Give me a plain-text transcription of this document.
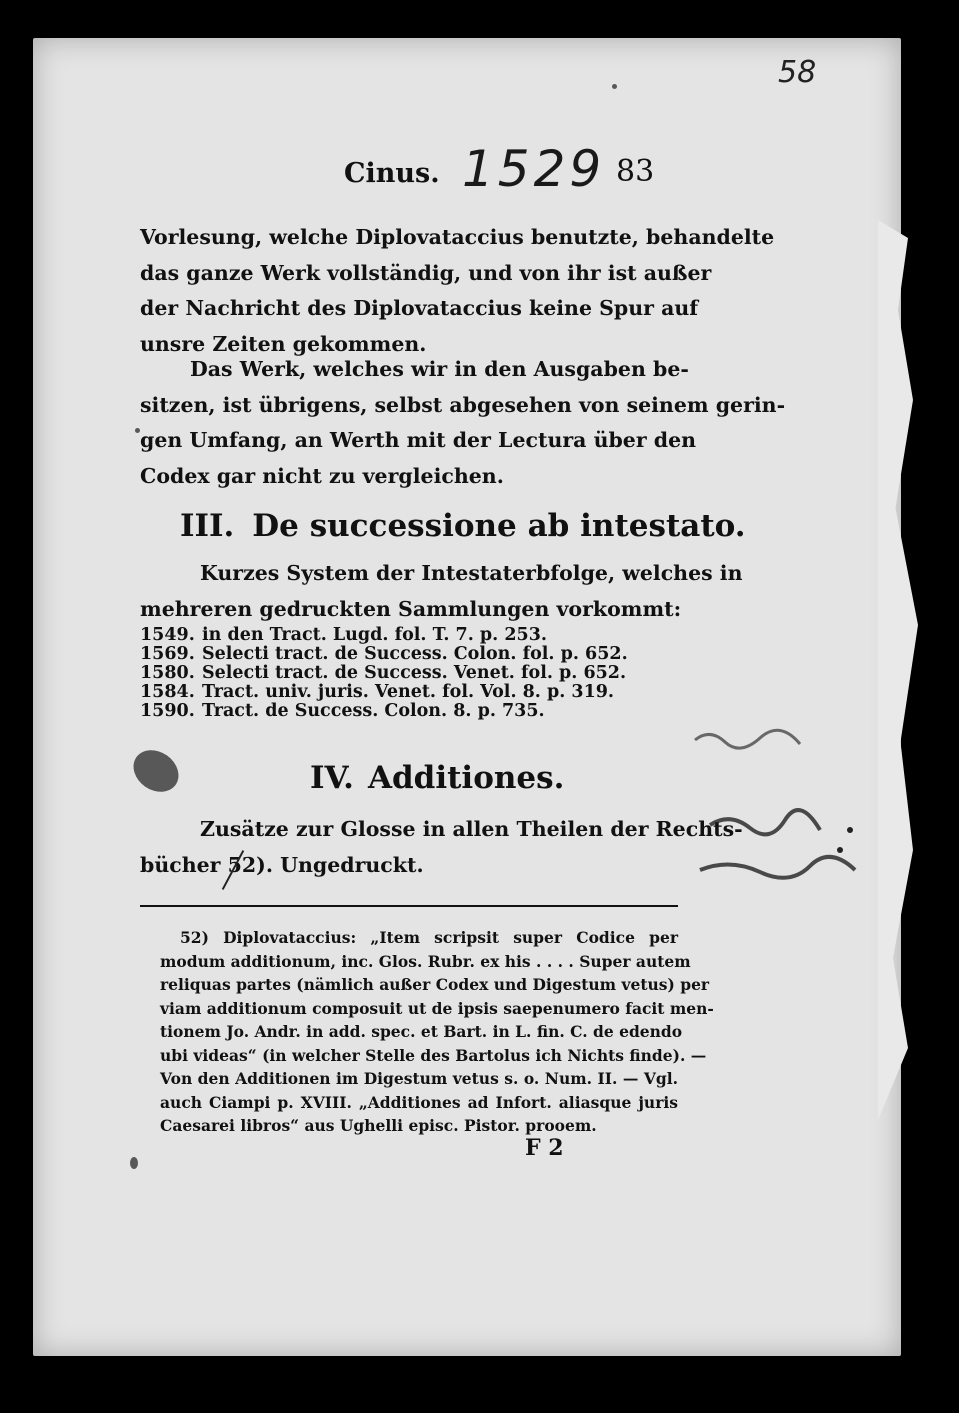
58
Cinus. 1529 83

Vorlesung, welche Diplovataccius benutzte, behandelte
das ganze Werk vollständig, und von ihr ist außer
der Nachricht des Diplovataccius keine Spur auf
unsre Zeiten gekommen.

Das Werk, welches wir in den Ausgaben be-
sitzen, ist übrigens, selbst abgesehen von seinem gerin-
gen Umfang, an Werth mit der Lectura über den
Codex gar nicht zu vergleichen.

III. De successione ab intestato.

Kurzes System der Intestaterbfolge, welches in
mehreren gedruckten Sammlungen vorkommt:

1549. in den Tract. Lugd. fol. T. 7. p. 253.
1569. Selecti tract. de Success. Colon. fol. p. 652.
1580. Selecti tract. de Success. Venet. fol. p. 652.
1584. Tract. univ. juris. Venet. fol. Vol. 8. p. 319.
1590. Tract. de Success. Colon. 8. p. 735.
IV. Additiones.

Zusätze zur Glosse in allen Theilen der Rechts-
bücher 52). Ungedruckt.

52) Diplovataccius: „Item scripsit super Codice per
modum additionum, inc. Glos. Rubr. ex his . . . . Super autem
reliquas partes (nämlich außer Codex und Digestum vetus) per
viam additionum composuit ut de ipsis saepenumero facit men-
tionem Jo. Andr. in add. spec. et Bart. in L. fin. C. de edendo
ubi videas“ (in welcher Stelle des Bartolus ich Nichts finde). —
Von den Additionen im Digestum vetus s. o. Num. II. — Vgl.
auch Ciampi p. XVIII. „Additiones ad Infort. aliasque juris
Caesarei libros“ aus Ughelli episc. Pistor. prooem.

F 2
